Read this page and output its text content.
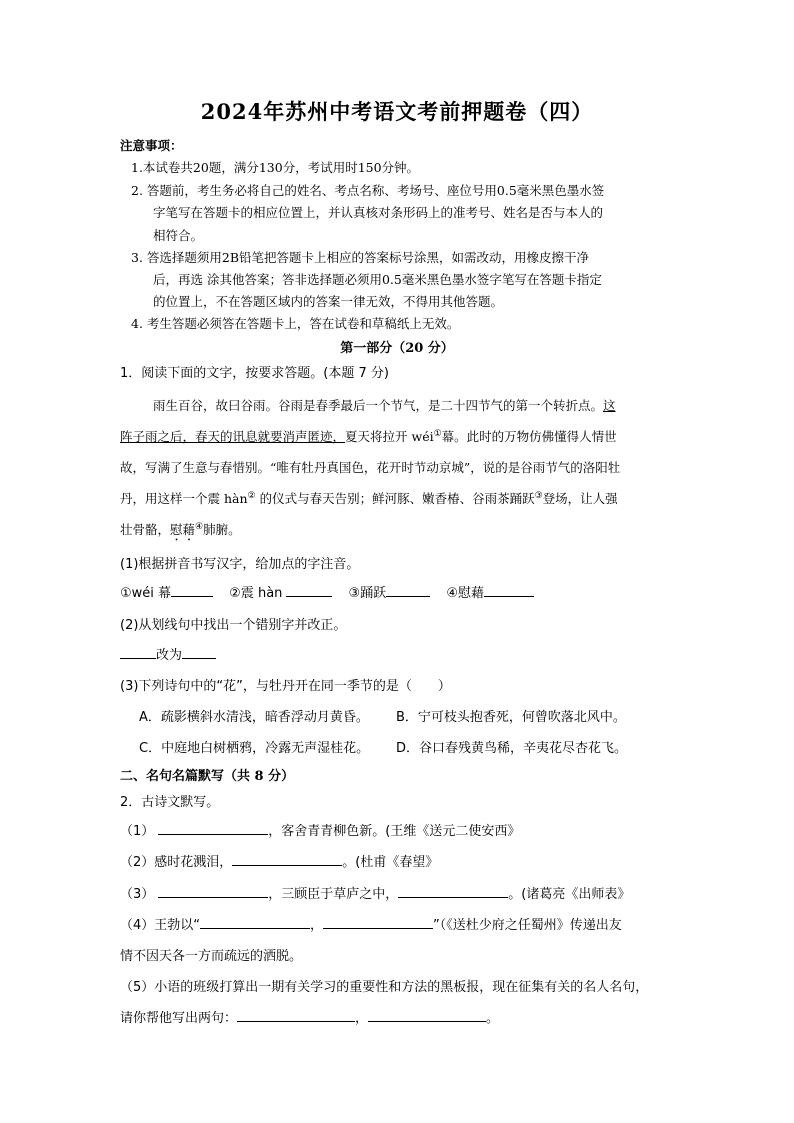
2024年苏州中考语文考前押题卷（四）
注意事项：
1.本试卷共20题，满分130分，考试用时150分钟。
2. 答题前，考生务必将自己的姓名、考点名称、考场号、座位号用0.5毫米黑色墨水签
字笔写在答题卡的相应位置上，并认真核对条形码上的准考号、姓名是否与本人的
相符合。
3. 答选择题须用2B铅笔把答题卡上相应的答案标号涂黑，如需改动，用橡皮擦干净
后，再选 涂其他答案；答非选择题必须用0.5毫米黑色墨水签字笔写在答题卡指定
的位置上，不在答题区域内的答案一律无效，不得用其他答题。
4. 考生答题必须答在答题卡上，答在试卷和草稿纸上无效。
第一部分（20 分）
1．阅读下面的文字，按要求答题。(本题 7 分)
雨生百谷，故曰谷雨。谷雨是春季最后一个节气，是二十四节气的第一个转折点。这
阵子雨之后，春天的讯息就要消声匿迹，夏天将拉开 wéi①幕。此时的万物仿佛懂得人情世
故，写满了生意与春惜别。“唯有牡丹真国色，花开时节动京城”，说的是谷雨节气的洛阳牡
丹，用这样一个震 hàn② 的仪式与春天告别；鲜河豚、嫩香椿、谷雨茶踊跃③登场，让人强
壮骨骼，慰藉④肺腑。
(1)根据拼音书写汉字，给加点的字注音。
①wéi 幕	②震 hàn	③踊跃	④慰藉
(2)从划线句中找出一个错别字并改正。
改为
(3)下列诗句中的“花”，与牡丹开在同一季节的是（　　）
A．疏影横斜水清浅，暗香浮动月黄昏。 B．宁可枝头抱香死，何曾吹落北风中。
C．中庭地白树栖鸦，冷露无声湿桂花。 D．谷口春残黄鸟稀，辛夷花尽杏花飞。
二、名句名篇默写（共 8 分）
2．古诗文默写。
（1）	，客舍青青柳色新。(王维《送元二使安西》
（2）感时花溅泪，	。(杜甫《春望》
（3）	，三顾臣于草庐之中，	。(诸葛亮《出师表》
（4）王勃以“	，	”（《送杜少府之任蜀州》传递出友
情不因天各一方而疏远的洒脱。
（5）小语的班级打算出一期有关学习的重要性和方法的黑板报，现在征集有关的名人名句，
请你帮他写出两句：	，	。
